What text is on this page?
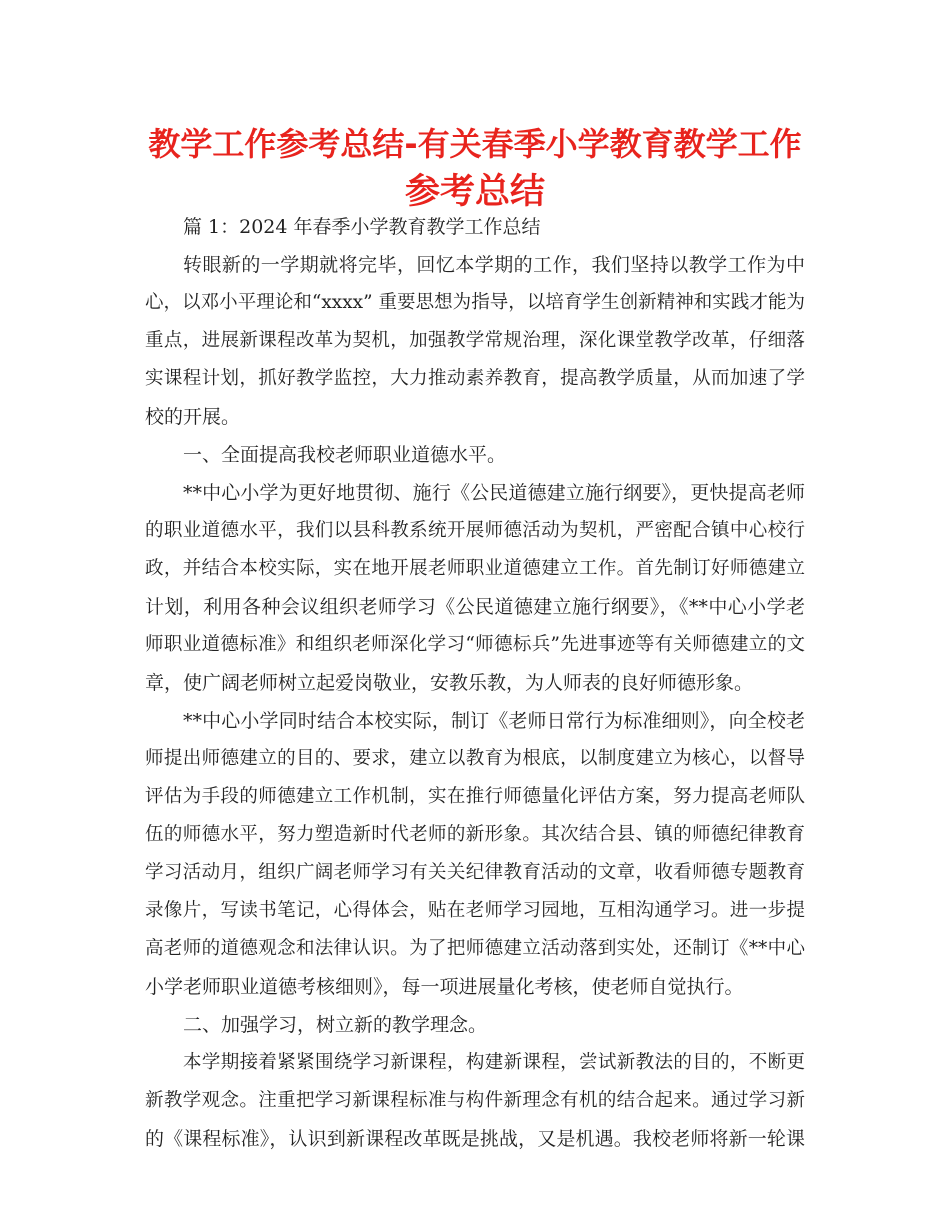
教学工作参考总结-有关春季小学教育教学工作
参考总结
篇 1：2024 年春季小学教育教学工作总结
转眼新的一学期就将完毕，回忆本学期的工作，我们坚持以教学工作为中
心，以邓小平理论和“xxxx” 重要思想为指导，以培育学生创新精神和实践才能为
重点，进展新课程改革为契机，加强教学常规治理，深化课堂教学改革，仔细落
实课程计划，抓好教学监控，大力推动素养教育，提高教学质量，从而加速了学
校的开展。
一、全面提高我校老师职业道德水平。
**中心小学为更好地贯彻、施行《公民道德建立施行纲要》，更快提高老师
的职业道德水平，我们以县科教系统开展师德活动为契机，严密配合镇中心校行
政，并结合本校实际，实在地开展老师职业道德建立工作。首先制订好师德建立
计划，利用各种会议组织老师学习《公民道德建立施行纲要》，《**中心小学老
师职业道德标准》和组织老师深化学习“师德标兵”先进事迹等有关师德建立的文
章，使广阔老师树立起爱岗敬业，安教乐教，为人师表的良好师德形象。
**中心小学同时结合本校实际，制订《老师日常行为标准细则》，向全校老
师提出师德建立的目的、要求，建立以教育为根底，以制度建立为核心，以督导
评估为手段的师德建立工作机制，实在推行师德量化评估方案，努力提高老师队
伍的师德水平，努力塑造新时代老师的新形象。其次结合县、镇的师德纪律教育
学习活动月，组织广阔老师学习有关关纪律教育活动的文章，收看师德专题教育
录像片，写读书笔记，心得体会，贴在老师学习园地，互相沟通学习。进一步提
高老师的道德观念和法律认识。为了把师德建立活动落到实处，还制订《**中心
小学老师职业道德考核细则》，每一项进展量化考核，使老师自觉执行。
二、加强学习，树立新的教学理念。
本学期接着紧紧围绕学习新课程，构建新课程，尝试新教法的目的，不断更
新教学观念。注重把学习新课程标准与构件新理念有机的结合起来。通过学习新
的《课程标准》，认识到新课程改革既是挑战，又是机遇。我校老师将新一轮课
